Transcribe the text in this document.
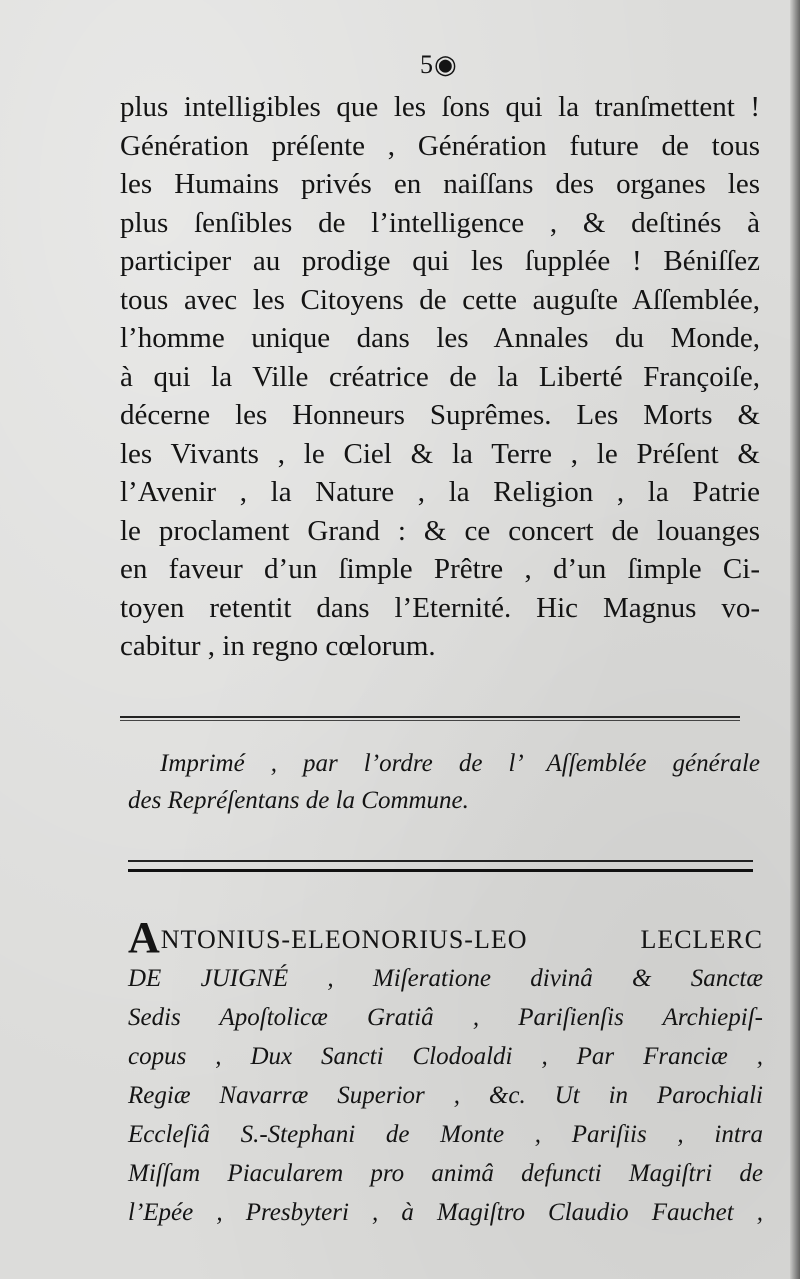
5◉
plus intelligibles que les ſons qui la tranſmettent !
Génération préſente , Génération future de tous
les Humains privés en naiſſans des organes les
plus ſenſibles de l’intelligence , & deſtinés à
participer au prodige qui les ſupplée ! Béniſſez
tous avec les Citoyens de cette auguſte Aſſemblée,
l’homme unique dans les Annales du Monde,
à qui la Ville créatrice de la Liberté Françoiſe,
décerne les Honneurs Suprêmes. Les Morts &
les Vivants , le Ciel & la Terre , le Préſent &
l’Avenir , la Nature , la Religion , la Patrie
le proclament Grand : & ce concert de louanges
en faveur d’un ſimple Prêtre , d’un ſimple Ci-
toyen retentit dans l’Eternité. Hic Magnus vo-
cabitur , in regno cœlorum.
Imprimé , par l’ordre de l’ Aſſemblée générale
des Repréſentans de la Commune.
ANTONIUS-ELEONORIUS-LEO LECLERC
DE JUIGNÉ , Miſeratione divinâ & Sanctæ
Sedis Apoſtolicæ Gratiâ , Pariſienſis Archiepiſ-
copus , Dux Sancti Clodoaldi , Par Franciæ ,
Regiæ Navarræ Superior , &c. Ut in Parochiali
Eccleſiâ S.-Stephani de Monte , Pariſiis , intra
Miſſam Piacularem pro animâ defuncti Magiſtri de
l’Epée , Presbyteri , à Magiſtro Claudio Fauchet ,
